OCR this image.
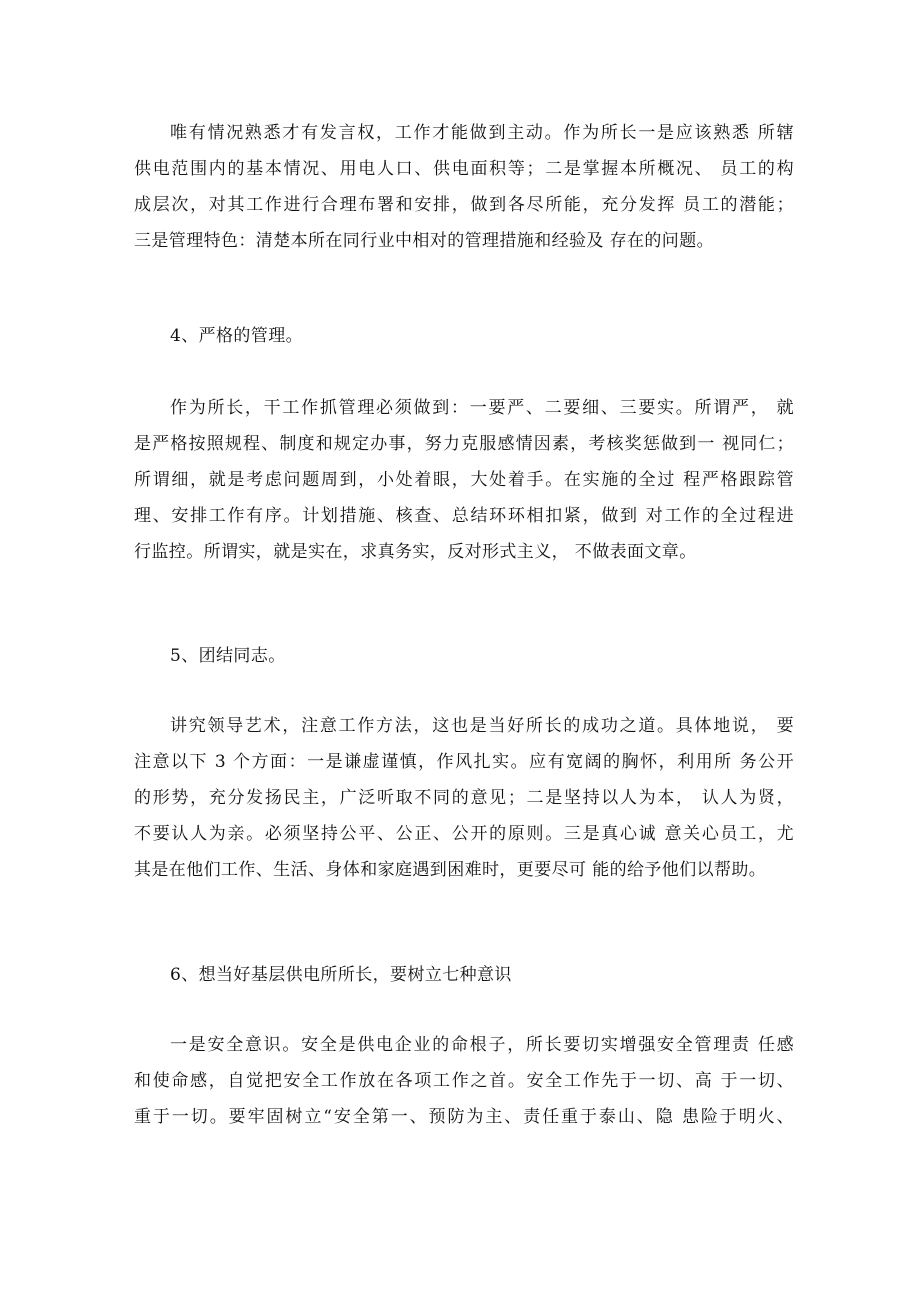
唯有情况熟悉才有发言权，工作才能做到主动。作为所长一是应该熟悉 所辖
供电范围内的基本情况、用电人口、供电面积等；二是掌握本所概况、 员工的构
成层次，对其工作进行合理布署和安排，做到各尽所能，充分发挥 员工的潜能；
三是管理特色：清楚本所在同行业中相对的管理措施和经验及 存在的问题。
4、严格的管理。
作为所长，干工作抓管理必须做到：一要严、二要细、三要实。所谓严， 就
是严格按照规程、制度和规定办事，努力克服感情因素，考核奖惩做到一 视同仁；
所谓细，就是考虑问题周到，小处着眼，大处着手。在实施的全过 程严格跟踪管
理、安排工作有序。计划措施、核查、总结环环相扣紧，做到 对工作的全过程进
行监控。所谓实，就是实在，求真务实，反对形式主义， 不做表面文章。
5、团结同志。
讲究领导艺术，注意工作方法，这也是当好所长的成功之道。具体地说， 要
注意以下 3 个方面：一是谦虚谨慎，作风扎实。应有宽阔的胸怀，利用所 务公开
的形势，充分发扬民主，广泛听取不同的意见；二是坚持以人为本， 认人为贤，
不要认人为亲。必须坚持公平、公正、公开的原则。三是真心诚 意关心员工，尤
其是在他们工作、生活、身体和家庭遇到困难时，更要尽可 能的给予他们以帮助。
6、想当好基层供电所所长，要树立七种意识
一是安全意识。安全是供电企业的命根子，所长要切实增强安全管理责 任感
和使命感，自觉把安全工作放在各项工作之首。安全工作先于一切、高 于一切、
重于一切。要牢固树立“安全第一、预防为主、责任重于泰山、隐 患险于明火、
